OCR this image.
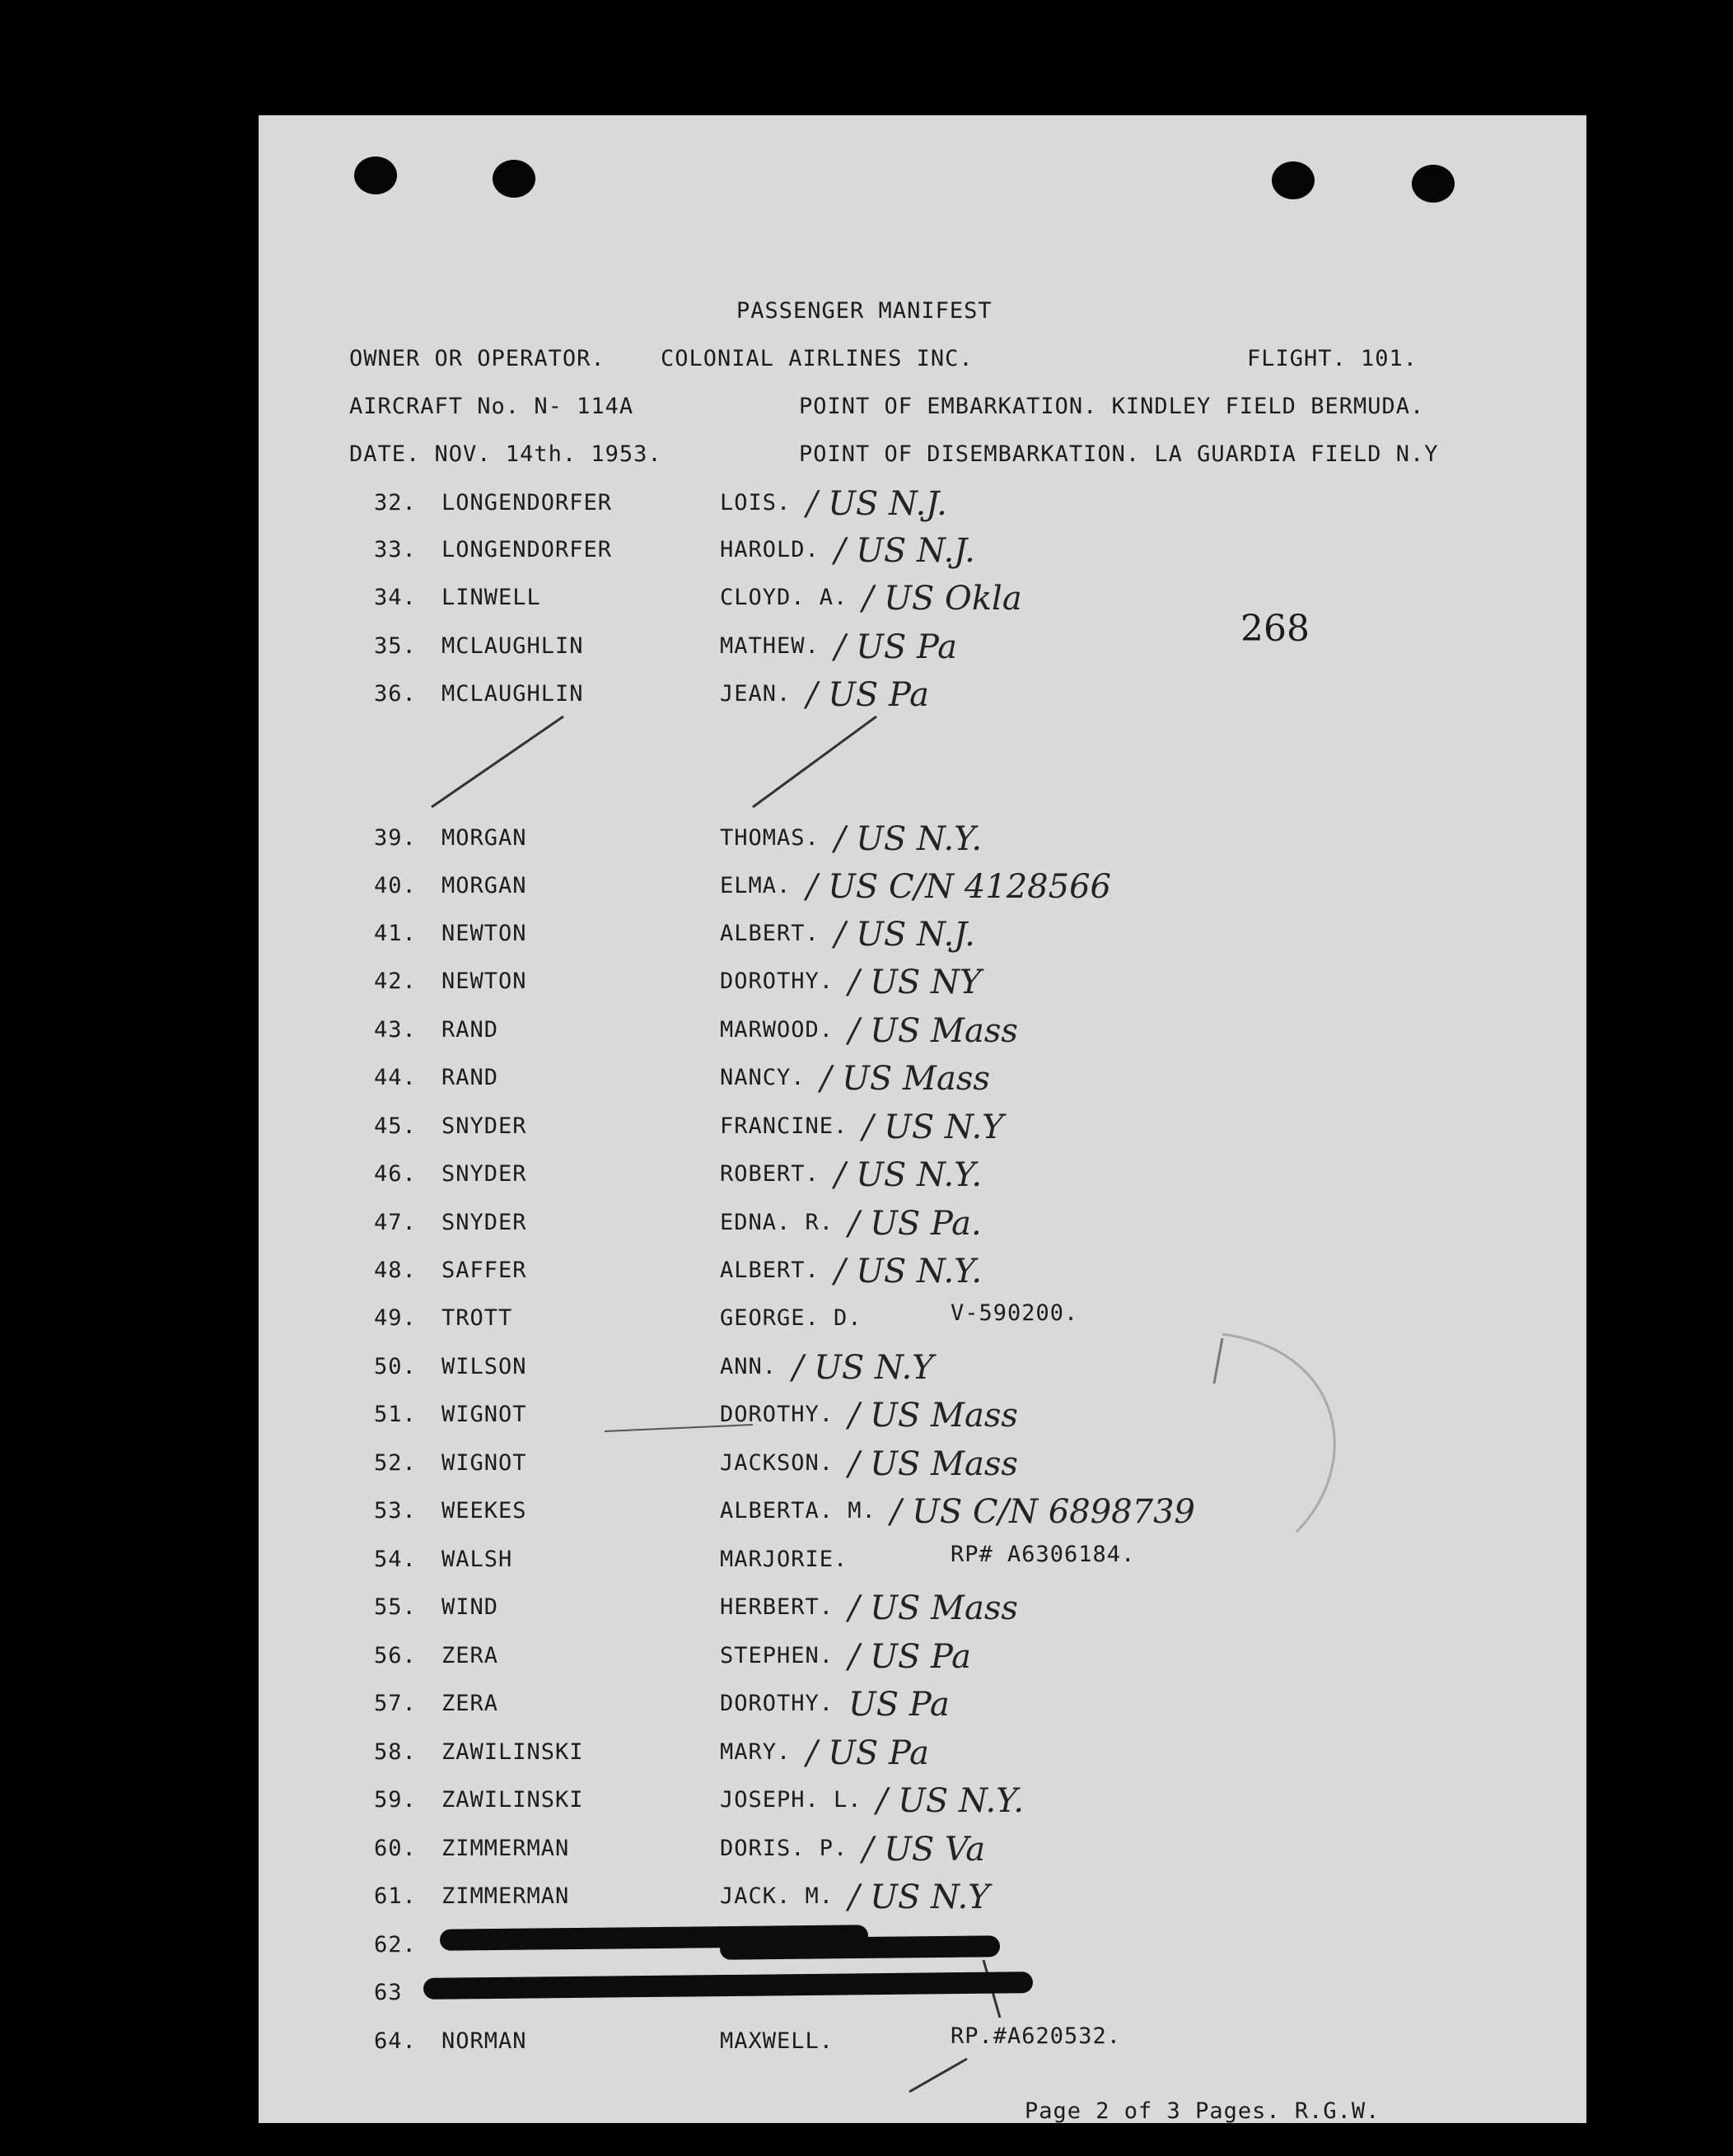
PASSENGER MANIFEST
OWNER OR OPERATOR. COLONIAL AIRLINES INC.	FLIGHT. 101.
AIRCRAFT No. N- 114A	POINT OF EMBARKATION. KINDLEY FIELD BERMUDA.
DATE. NOV. 14th. 1953.	POINT OF DISEMBARKATION. LA GUARDIA FIELD N.Y
268
32. LONGENDORFER	LOIS. / US N.J.
33. LONGENDORFER	HAROLD. / US N.J.
34. LINWELL	CLOYD. A. / US Okla
35. MCLAUGHLIN	MATHEW. / US Pa
36. MCLAUGHLIN	JEAN. / US Pa
39. MORGAN	THOMAS. / US N.Y.
40. MORGAN	ELMA. / US C/N 4128566
41. NEWTON	ALBERT. / US N.J.
42. NEWTON	DOROTHY. / US NY
43. RAND	MARWOOD. / US Mass
44. RAND	NANCY. / US Mass
45. SNYDER	FRANCINE. / US N.Y
46. SNYDER	ROBERT. / US N.Y.
47. SNYDER	EDNA. R. / US Pa.
48. SAFFER	ALBERT. / US N.Y.
49. TROTT	GEORGE. D.	V-590200.
50. WILSON	ANN. / US N.Y
51. WIGNOT	DOROTHY. / US Mass
52. WIGNOT	JACKSON. / US Mass
53. WEEKES	ALBERTA. M. / US C/N 6898739
54. WALSH	MARJORIE.	RP# A6306184.
55. WIND	HERBERT. / US Mass
56. ZERA	STEPHEN. / US Pa
57. ZERA	DOROTHY. US Pa
58. ZAWILINSKI	MARY. / US Pa
59. ZAWILINSKI	JOSEPH. L. / US N.Y.
60. ZIMMERMAN	DORIS. P. / US Va
61. ZIMMERMAN	JACK. M. / US N.Y
62.
63
64. NORMAN	MAXWELL.	RP.#A620532.
Page 2 of 3 Pages. R.G.W.
